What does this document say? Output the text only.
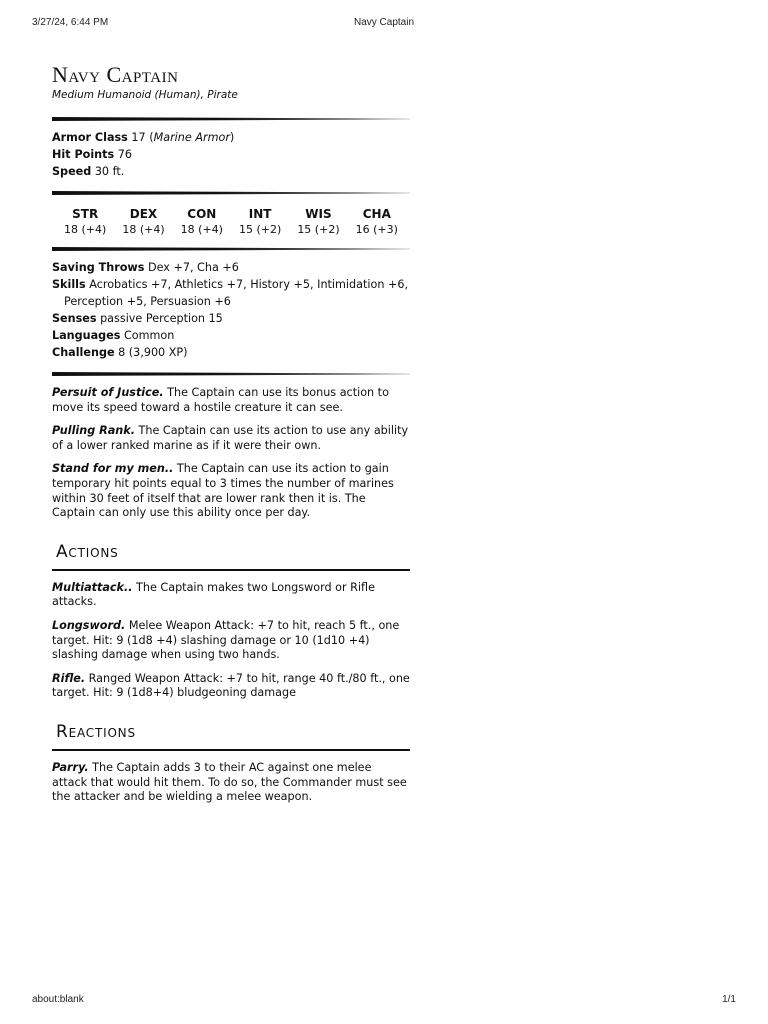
3/27/24, 6:44 PM	Navy Captain
Navy Captain
Medium Humanoid (Human), Pirate
Armor Class 17 (Marine Armor)
Hit Points 76
Speed 30 ft.
STR
18 (+4)
DEX
18 (+4)
CON
18 (+4)
INT
15 (+2)
WIS
15 (+2)
CHA
16 (+3)
Saving Throws Dex +7, Cha +6
Skills Acrobatics +7, Athletics +7, History +5, Intimidation +6,
Perception +5, Persuasion +6
Senses passive Perception 15
Languages Common
Challenge 8 (3,900 XP)

Persuit of Justice. The Captain can use its bonus action to move its speed toward a hostile creature it can see.

Pulling Rank. The Captain can use its action to use any ability of a lower ranked marine as if it were their own.

Stand for my men.. The Captain can use its action to gain temporary hit points equal to 3 times the number of marines within 30 feet of itself that are lower rank then it is. The Captain can only use this ability once per day.

Actions

Multiattack.. The Captain makes two Longsword or Rifle attacks.

Longsword. Melee Weapon Attack: +7 to hit, reach 5 ft., one target. Hit: 9 (1d8 +4) slashing damage or 10 (1d10 +4) slashing damage when using two hands.

Rifle. Ranged Weapon Attack: +7 to hit, range 40 ft./80 ft., one target. Hit: 9 (1d8+4) bludgeoning damage

Reactions

Parry. The Captain adds 3 to their AC against one melee attack that would hit them. To do so, the Commander must see the attacker and be wielding a melee weapon.

about:blank	1/1
